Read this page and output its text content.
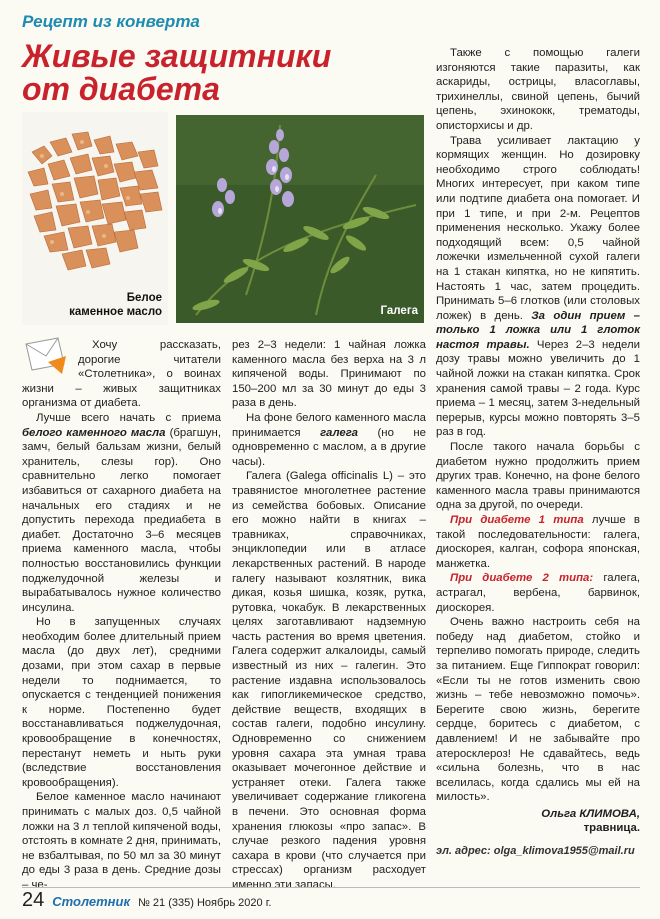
Рецепт из конверта
Живые защитники
от диабета
Белое
каменное масло	Галега

Хочу рассказать, дорогие читатели «Столетника», о воинах жизни – живых защитниках организма от диабета.

Лучше всего начать с приема белого каменного масла (брагшун, замч, белый бальзам жизни, белый хранитель, слезы гор). Оно сравнительно легко помогает избавиться от сахарного диабета на начальных его стадиях и не допустить перехода предиабета в диабет. Достаточно 3–6 месяцев приема каменного масла, чтобы полностью восстановились функции поджелудочной железы и вырабатывалось нужное количество инсулина.

Но в запущенных случаях необходим более длительный прием масла (до двух лет), средними дозами, при этом сахар в первые недели то поднимается, то опускается с тенденцией понижения к норме. Постепенно будет восстанавливаться поджелудочная, кровообращение в конечностях, перестанут неметь и ныть руки (вследствие восстановления кровообращения).

Белое каменное масло начинают принимать с малых доз. 0,5 чайной ложки на 3 л теплой кипяченой воды, отстоять в комнате 2 дня, принимать, не взбалтывая, по 50 мл за 30 минут до еды 3 раза в день. Средние дозы – че-

рез 2–3 недели: 1 чайная ложка каменного масла без верха на 3 л кипяченой воды. Принимают по 150–200 мл за 30 минут до еды 3 раза в день.

На фоне белого каменного масла принимается галега (но не одновременно с маслом, а в другие часы).

Галега (Galega officinalis L) – это травянистое многолетнее растение из семейства бобовых. Описание его можно найти в книгах – травниках, справочниках, энциклопедии или в атласе лекарственных растений. В народе галегу называют козлятник, вика дикая, козья шишка, козяк, рутка, рутовка, чокабук. В лекарственных целях заготавливают надземную часть растения во время цветения. Галега содержит алкалоиды, самый известный из них – галегин. Это растение издавна использовалось как гипогликемическое средство, действие веществ, входящих в состав галеги, подобно инсулину. Одновременно со снижением уровня сахара эта умная трава оказывает мочегонное действие и устраняет отеки. Галега также увеличивает содержание гликогена в печени. Это основная форма хранения глюкозы «про запас». В случае резкого падения уровня сахара в крови (что случается при стрессах) организм расходует именно эти запасы.

Также с помощью галеги изгоняются такие паразиты, как аскариды, острицы, власоглавы, трихинеллы, свиной цепень, бычий цепень, эхинококк, трематоды, описторхисы и др.

Трава усиливает лактацию у кормящих женщин. Но дозировку необходимо строго соблюдать! Многих интересует, при каком типе или подтипе диабета она помогает. И при 1 типе, и при 2-м. Рецептов применения несколько. Укажу более подходящий всем: 0,5 чайной ложечки измельченной сухой галеги на 1 стакан кипятка, но не кипятить. Настоять 1 час, затем процедить. Принимать 5–6 глотков (или столовых ложек) в день. За один прием – только 1 ложка или 1 глоток настоя травы. Через 2–3 недели дозу травы можно увеличить до 1 чайной ложки на стакан кипятка. Срок хранения самой травы – 2 года. Курс приема – 1 месяц, затем 3-недельный перерыв, курсы можно повторять 3–5 раз в год.

После такого начала борьбы с диабетом нужно продолжить прием других трав. Конечно, на фоне белого каменного масла травы принимаются одна за другой, по очереди.

При диабете 1 типа лучше в такой последовательности: галега, диоскорея, калган, софора японская, манжетка.

При диабете 2 типа: галега, астрагал, вербена, барвинок, диоскорея.

Очень важно настроить себя на победу над диабетом, стойко и терпеливо помогать природе, следить за питанием. Еще Гиппократ говорил: «Если ты не готов изменить свою жизнь – тебе невозможно помочь». Берегите свою жизнь, берегите сердце, боритесь с диабетом, с давлением! И не забывайте про атеросклероз! Не сдавайтесь, ведь «сильна болезнь, что в нас вселилась, когда сдались мы ей на милость».

Ольга КЛИМОВА,
травница.
эл. адрес: olga_klimova1955@mail.ru
24 Столетник № 21 (335) Ноябрь 2020 г.
